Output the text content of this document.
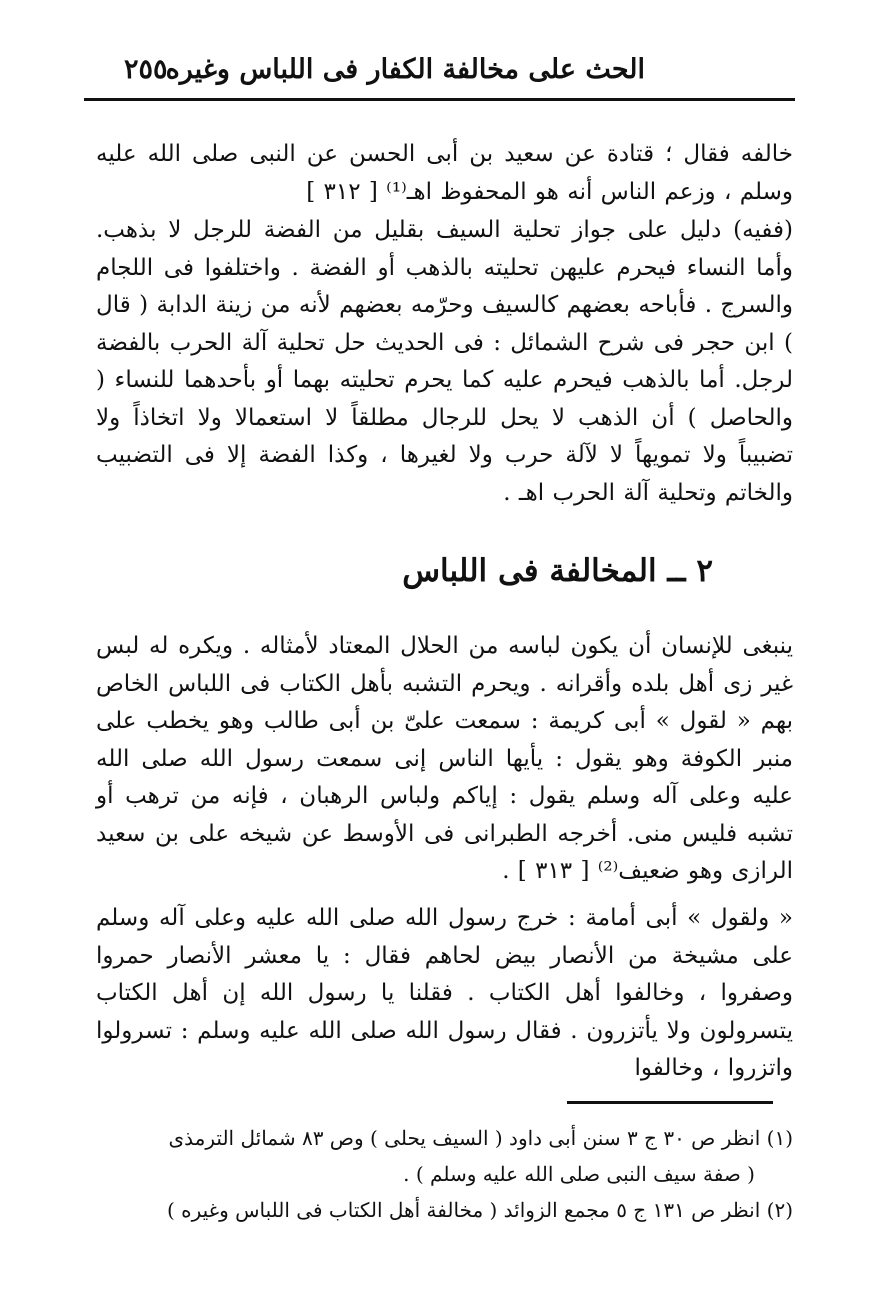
الحث على مخالفة الكفار فى اللباس وغيره
٢٥٥
خالفه فقال ؛ قتادة عن سعيد بن أبى الحسن عن النبى صلى الله عليه وسلم ، وزعم الناس أنه هو المحفوظ اهـ⁽¹⁾ [ ٣١٢ ]
(ففيه) دليل على جواز تحلية السيف بقليل من الفضة للرجل لا بذهب. وأما النساء فيحرم عليهن تحليته بالذهب أو الفضة . واختلفوا فى اللجام والسرج . فأباحه بعضهم كالسيف وحرّمه بعضهم لأنه من زينة الدابة ( قال ) ابن حجر فى شرح الشمائل : فى الحديث حل تحلية آلة الحرب بالفضة لرجل. أما بالذهب فيحرم عليه كما يحرم تحليته بهما أو بأحدهما للنساء ( والحاصل ) أن الذهب لا يحل للرجال مطلقاً لا استعمالا ولا اتخاذاً ولا تضبيباً ولا تمويهاً لا لآلة حرب ولا لغيرها ، وكذا الفضة إلا فى التضبيب والخاتم وتحلية آلة الحرب اهـ .
٢ ــ المخالفة فى اللباس
ينبغى للإنسان أن يكون لباسه من الحلال المعتاد لأمثاله . ويكره له لبس غير زى أهل بلده وأقرانه . ويحرم التشبه بأهل الكتاب فى اللباس الخاص بهم « لقول » أبى كريمة : سمعت علىّ بن أبى طالب وهو يخطب على منبر الكوفة وهو يقول : يأيها الناس إنى سمعت رسول الله صلى الله عليه وعلى آله وسلم يقول : إياكم ولباس الرهبان ، فإنه من ترهب أو تشبه فليس منى. أخرجه الطبرانى فى الأوسط عن شيخه على بن سعيد الرازى وهو ضعيف⁽²⁾ [ ٣١٣ ] .
« ولقول » أبى أمامة : خرج رسول الله صلى الله عليه وعلى آله وسلم على مشيخة من الأنصار بيض لحاهم فقال : يا معشر الأنصار حمروا وصفروا ، وخالفوا أهل الكتاب . فقلنا يا رسول الله إن أهل الكتاب يتسرولون ولا يأتزرون . فقال رسول الله صلى الله عليه وسلم : تسرولوا واتزروا ، وخالفوا
(١) انظر ص ٣٠ ج ٣ سنن أبى داود ( السيف يحلى ) وص ٨٣ شمائل الترمذى
( صفة سيف النبى صلى الله عليه وسلم ) .
(٢) انظر ص ١٣١ ج ٥ مجمع الزوائد ( مخالفة أهل الكتاب فى اللباس وغيره )
